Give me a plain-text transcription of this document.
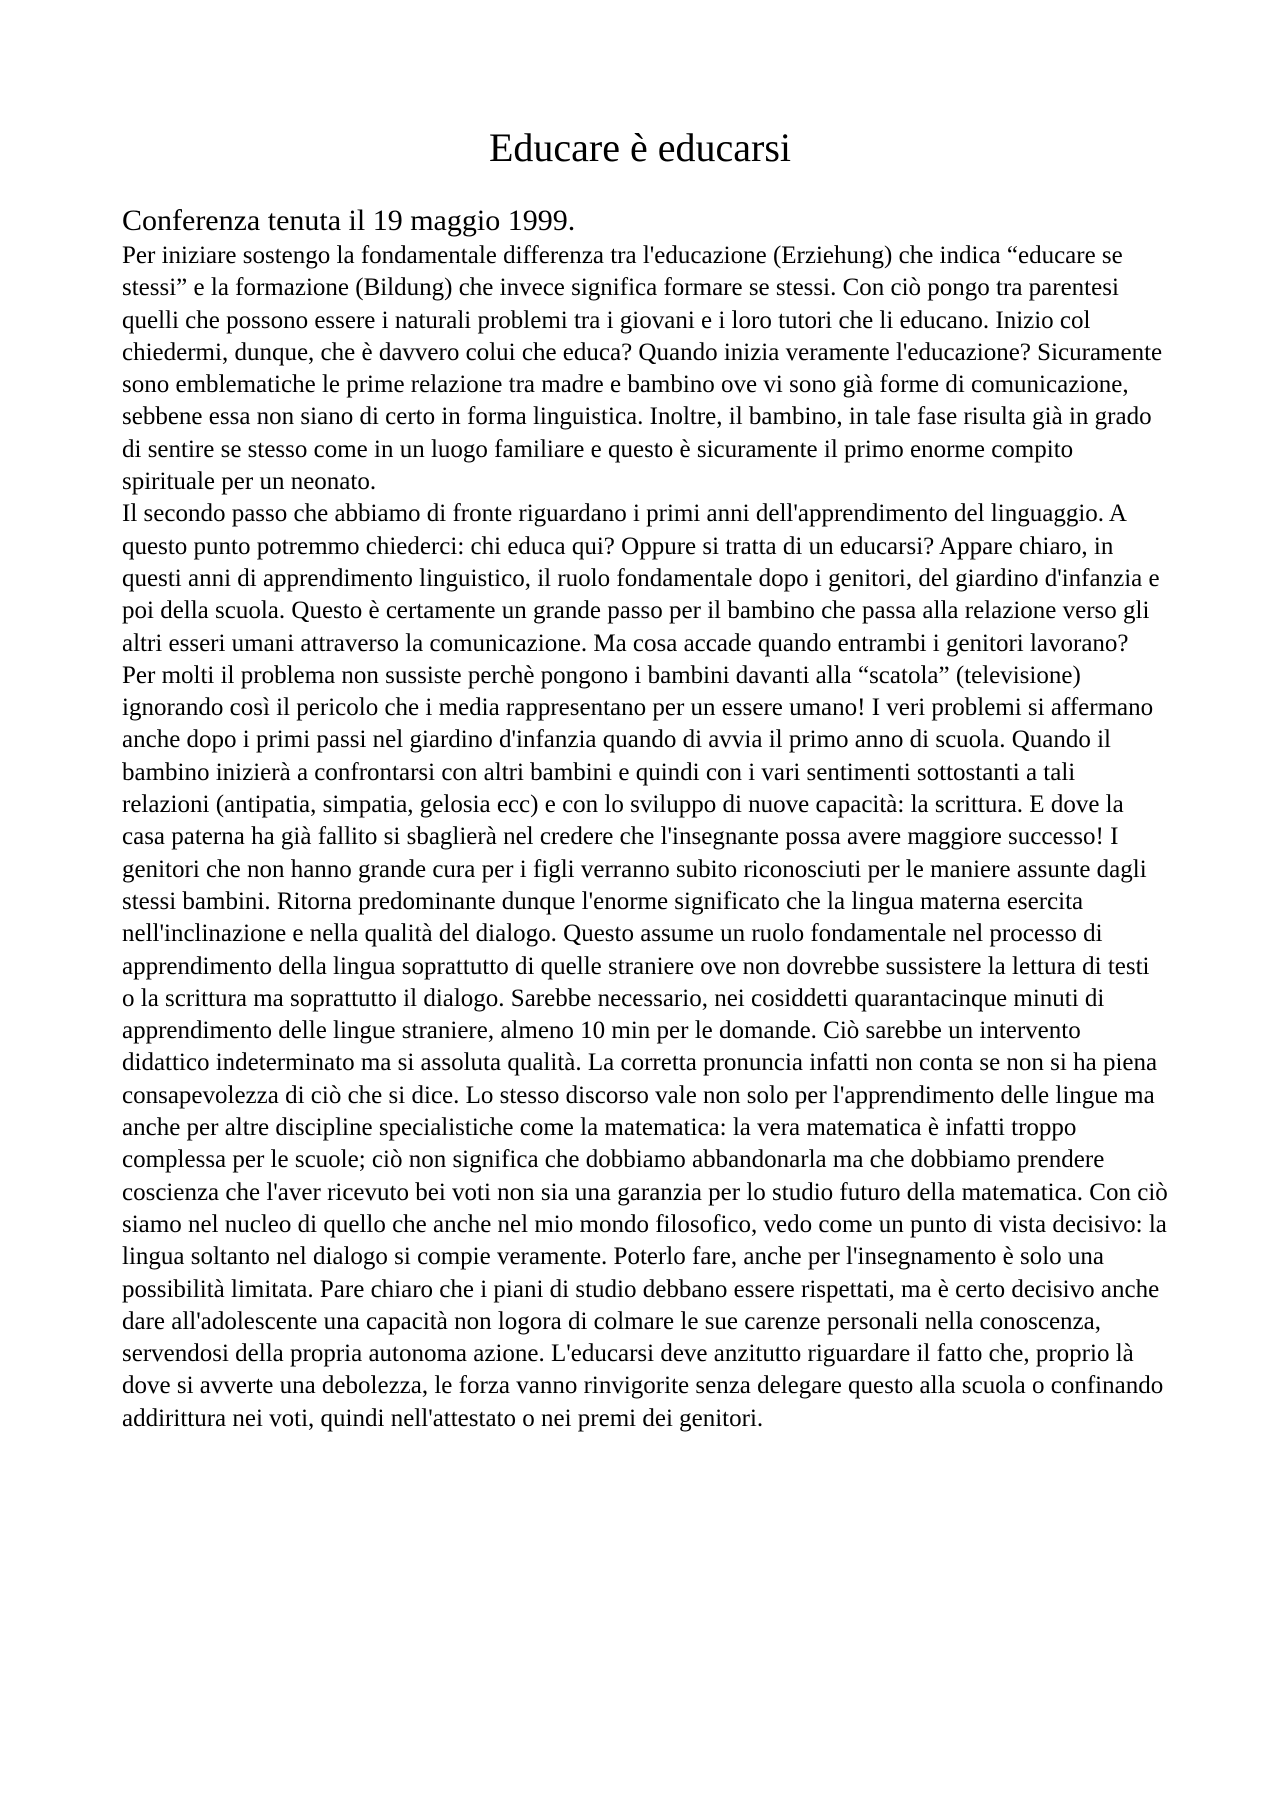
Educare è educarsi
Conferenza tenuta il 19 maggio 1999.

Per iniziare sostengo la fondamentale differenza tra l'educazione (Erziehung) che indica “educare se stessi” e la formazione (Bildung) che invece significa formare se stessi. Con ciò pongo tra parentesi quelli che possono essere i naturali problemi tra i giovani e i loro tutori che li educano. Inizio col chiedermi, dunque, che è davvero colui che educa? Quando inizia veramente l'educazione? Sicuramente sono emblematiche le prime relazione tra madre e bambino ove vi sono già forme di comunicazione, sebbene essa non siano di certo in forma linguistica. Inoltre, il bambino, in tale fase risulta già in grado di sentire se stesso come in un luogo familiare e questo è sicuramente il primo enorme compito spirituale per un neonato.

Il secondo passo che abbiamo di fronte riguardano i primi anni dell'apprendimento del linguaggio. A questo punto potremmo chiederci: chi educa qui? Oppure si tratta di un educarsi? Appare chiaro, in questi anni di apprendimento linguistico, il ruolo fondamentale dopo i genitori, del giardino d'infanzia e poi della scuola. Questo è certamente un grande passo per il bambino che passa alla relazione verso gli altri esseri umani attraverso la comunicazione. Ma cosa accade quando entrambi i genitori lavorano? Per molti il problema non sussiste perchè pongono i bambini davanti alla “scatola” (televisione) ignorando così il pericolo che i media rappresentano per un essere umano! I veri problemi si affermano anche dopo i primi passi nel giardino d'infanzia quando di avvia il primo anno di scuola. Quando il bambino inizierà a confrontarsi con altri bambini e quindi con i vari sentimenti sottostanti a tali relazioni (antipatia, simpatia, gelosia ecc) e con lo sviluppo di nuove capacità: la scrittura. E dove la casa paterna ha già fallito si sbaglierà nel credere che l'insegnante possa avere maggiore successo! I genitori che non hanno grande cura per i figli verranno subito riconosciuti per le maniere assunte dagli stessi bambini. Ritorna predominante dunque l'enorme significato che la lingua materna esercita nell'inclinazione e nella qualità del dialogo. Questo assume un ruolo fondamentale nel processo di apprendimento della lingua soprattutto di quelle straniere ove non dovrebbe sussistere la lettura di testi o la scrittura ma soprattutto il dialogo. Sarebbe necessario, nei cosiddetti quarantacinque minuti di apprendimento delle lingue straniere, almeno 10 min per le domande. Ciò sarebbe un intervento didattico indeterminato ma si assoluta qualità. La corretta pronuncia infatti non conta se non si ha piena consapevolezza di ciò che si dice. Lo stesso discorso vale non solo per l'apprendimento delle lingue ma anche per altre discipline specialistiche come la matematica: la vera matematica è infatti troppo complessa per le scuole; ciò non significa che dobbiamo abbandonarla ma che dobbiamo prendere coscienza che l'aver ricevuto bei voti non sia una garanzia per lo studio futuro della matematica. Con ciò siamo nel nucleo di quello che anche nel mio mondo filosofico, vedo come un punto di vista decisivo: la lingua soltanto nel dialogo si compie veramente. Poterlo fare, anche per l'insegnamento è solo una possibilità limitata. Pare chiaro che i piani di studio debbano essere rispettati, ma è certo decisivo anche dare all'adolescente una capacità non logora di colmare le sue carenze personali nella conoscenza, servendosi della propria autonoma azione. L'educarsi deve anzitutto riguardare il fatto che, proprio là dove si avverte una debolezza, le forza vanno rinvigorite senza delegare questo alla scuola o confinando addirittura nei voti, quindi nell'attestato o nei premi dei genitori.
